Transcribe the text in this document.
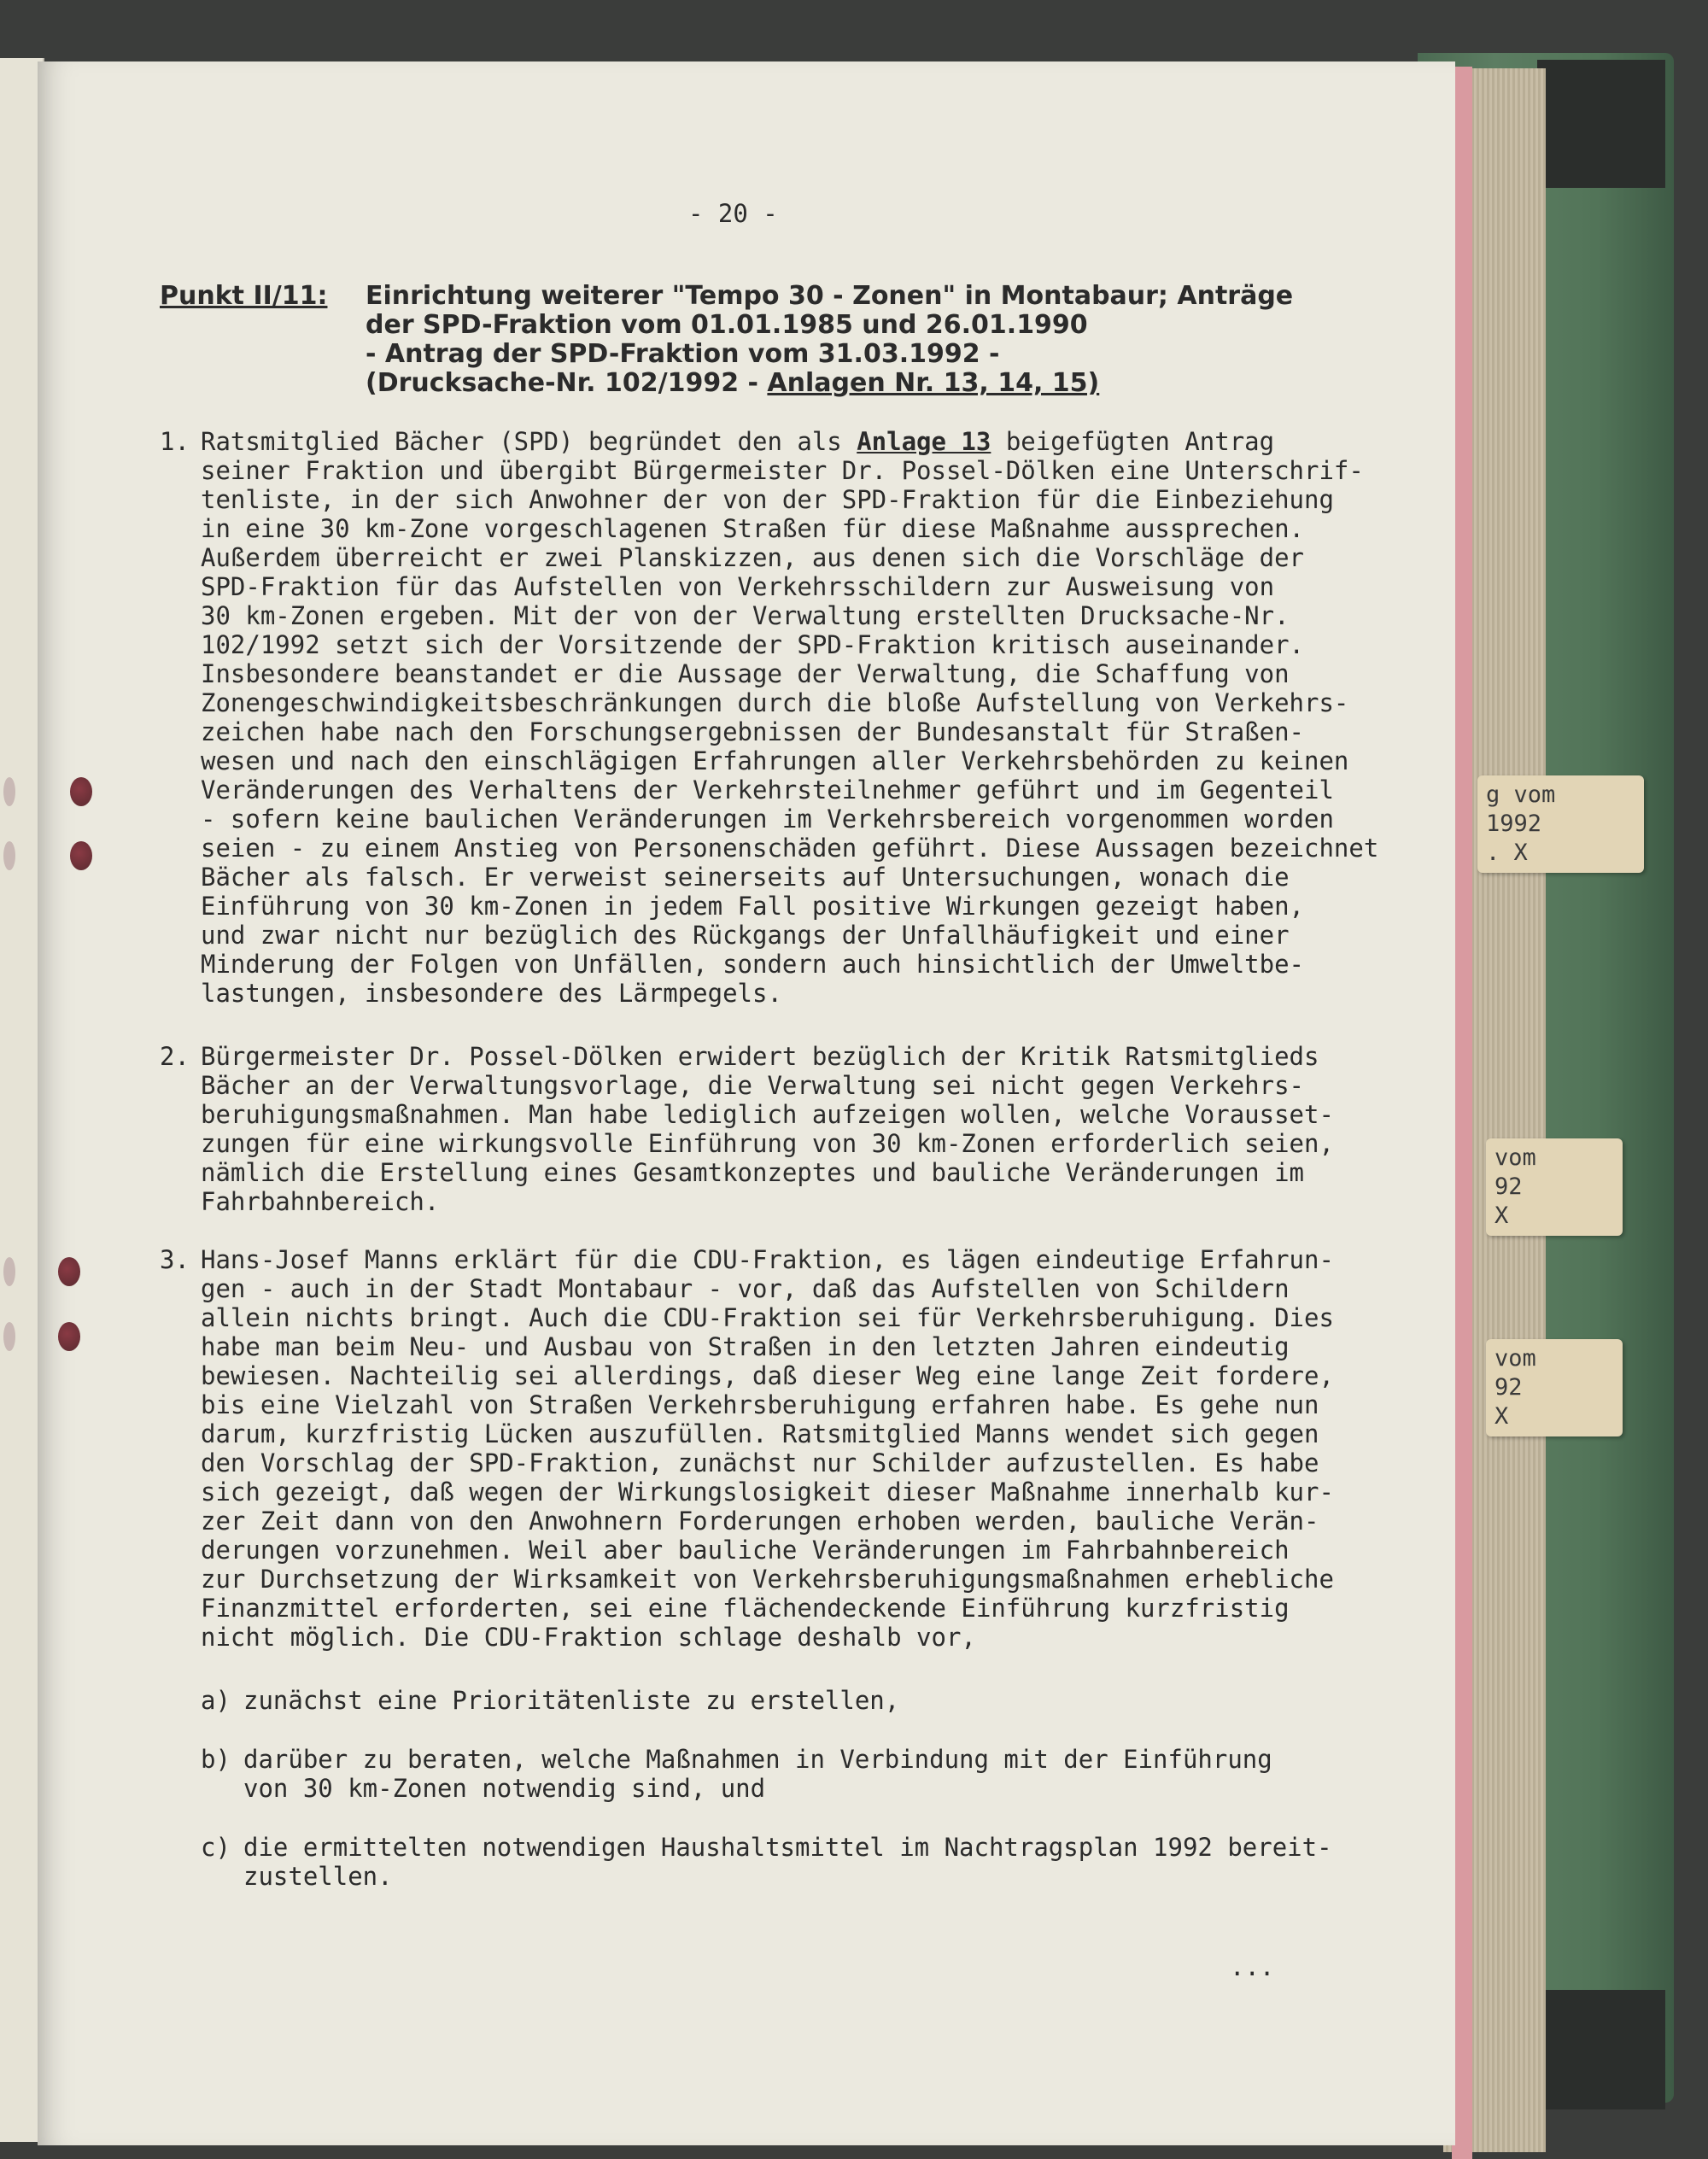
g vom
1992
. X
vom
92
X
vom
92
X
- 20 -
Punkt II/11: Einrichtung weiterer "Tempo 30 - Zonen" in Montabaur; Anträge
der SPD-Fraktion vom 01.01.1985 und 26.01.1990
- Antrag der SPD-Fraktion vom 31.03.1992 -
(Drucksache-Nr. 102/1992 - Anlagen Nr. 13, 14, 15)
1. Ratsmitglied Bächer (SPD) begründet den als Anlage 13 beigefügten Antrag
seiner Fraktion und übergibt Bürgermeister Dr. Possel-Dölken eine Unterschrif-
tenliste, in der sich Anwohner der von der SPD-Fraktion für die Einbeziehung
in eine 30 km-Zone vorgeschlagenen Straßen für diese Maßnahme aussprechen.
Außerdem überreicht er zwei Planskizzen, aus denen sich die Vorschläge der
SPD-Fraktion für das Aufstellen von Verkehrsschildern zur Ausweisung von
30 km-Zonen ergeben. Mit der von der Verwaltung erstellten Drucksache-Nr.
102/1992 setzt sich der Vorsitzende der SPD-Fraktion kritisch auseinander.
Insbesondere beanstandet er die Aussage der Verwaltung, die Schaffung von
Zonengeschwindigkeitsbeschränkungen durch die bloße Aufstellung von Verkehrs-
zeichen habe nach den Forschungsergebnissen der Bundesanstalt für Straßen-
wesen und nach den einschlägigen Erfahrungen aller Verkehrsbehörden zu keinen
Veränderungen des Verhaltens der Verkehrsteilnehmer geführt und im Gegenteil
- sofern keine baulichen Veränderungen im Verkehrsbereich vorgenommen worden
seien - zu einem Anstieg von Personenschäden geführt. Diese Aussagen bezeichnet
Bächer als falsch. Er verweist seinerseits auf Untersuchungen, wonach die
Einführung von 30 km-Zonen in jedem Fall positive Wirkungen gezeigt haben,
und zwar nicht nur bezüglich des Rückgangs der Unfallhäufigkeit und einer
Minderung der Folgen von Unfällen, sondern auch hinsichtlich der Umweltbe-
lastungen, insbesondere des Lärmpegels.
2. Bürgermeister Dr. Possel-Dölken erwidert bezüglich der Kritik Ratsmitglieds
Bächer an der Verwaltungsvorlage, die Verwaltung sei nicht gegen Verkehrs-
beruhigungsmaßnahmen. Man habe lediglich aufzeigen wollen, welche Vorausset-
zungen für eine wirkungsvolle Einführung von 30 km-Zonen erforderlich seien,
nämlich die Erstellung eines Gesamtkonzeptes und bauliche Veränderungen im
Fahrbahnbereich.
3. Hans-Josef Manns erklärt für die CDU-Fraktion, es lägen eindeutige Erfahrun-
gen - auch in der Stadt Montabaur - vor, daß das Aufstellen von Schildern
allein nichts bringt. Auch die CDU-Fraktion sei für Verkehrsberuhigung. Dies
habe man beim Neu- und Ausbau von Straßen in den letzten Jahren eindeutig
bewiesen. Nachteilig sei allerdings, daß dieser Weg eine lange Zeit fordere,
bis eine Vielzahl von Straßen Verkehrsberuhigung erfahren habe. Es gehe nun
darum, kurzfristig Lücken auszufüllen. Ratsmitglied Manns wendet sich gegen
den Vorschlag der SPD-Fraktion, zunächst nur Schilder aufzustellen. Es habe
sich gezeigt, daß wegen der Wirkungslosigkeit dieser Maßnahme innerhalb kur-
zer Zeit dann von den Anwohnern Forderungen erhoben werden, bauliche Verän-
derungen vorzunehmen. Weil aber bauliche Veränderungen im Fahrbahnbereich
zur Durchsetzung der Wirksamkeit von Verkehrsberuhigungsmaßnahmen erhebliche
Finanzmittel erforderten, sei eine flächendeckende Einführung kurzfristig
nicht möglich. Die CDU-Fraktion schlage deshalb vor,
a) zunächst eine Prioritätenliste zu erstellen,
b) darüber zu beraten, welche Maßnahmen in Verbindung mit der Einführung
von 30 km-Zonen notwendig sind, und
c) die ermittelten notwendigen Haushaltsmittel im Nachtragsplan 1992 bereit-
zustellen.
...
